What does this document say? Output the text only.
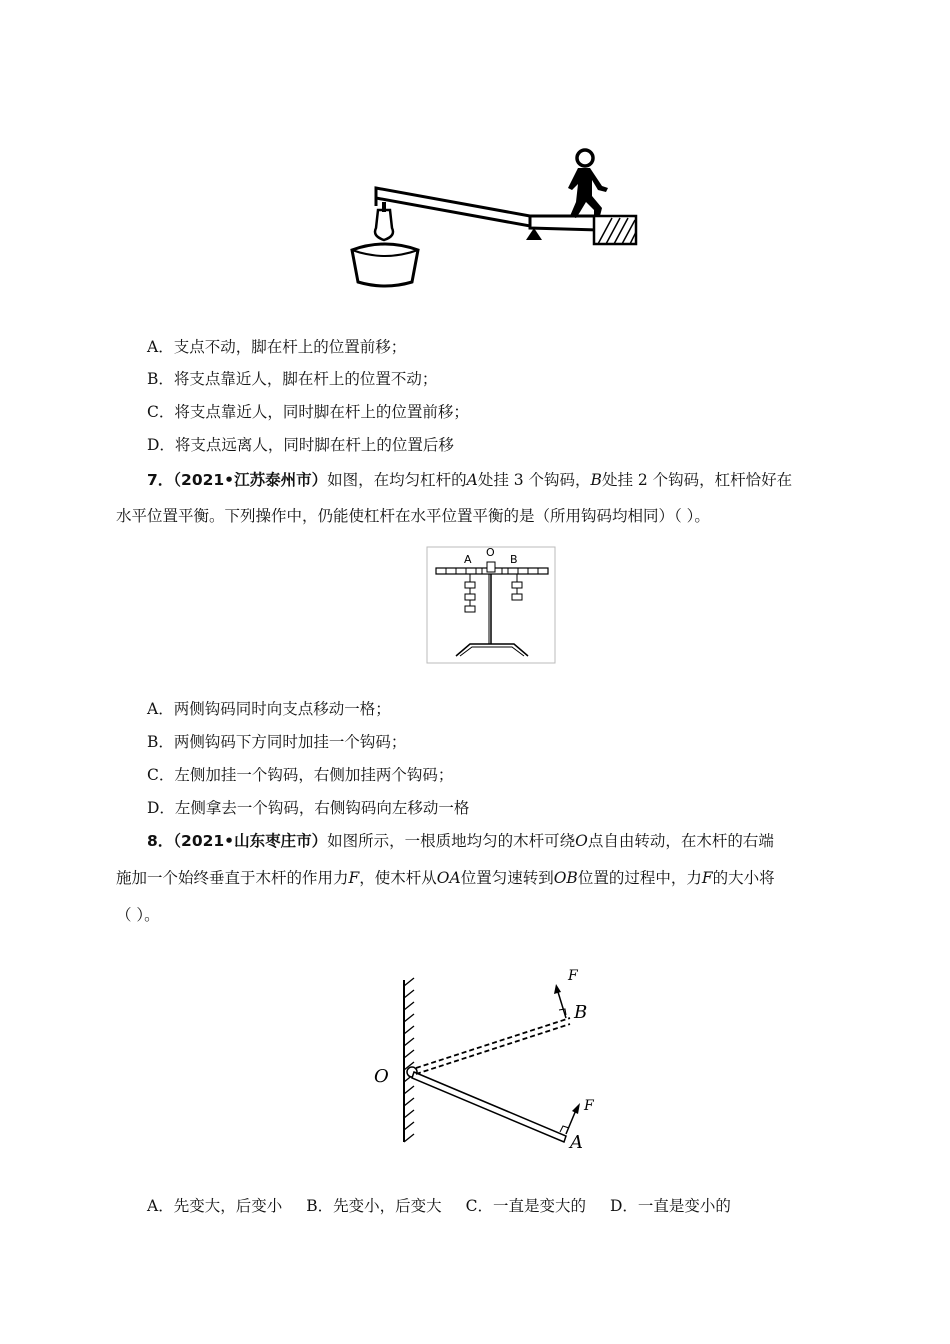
A．支点不动，脚在杆上的位置前移；
B．将支点靠近人，脚在杆上的位置不动；
C．将支点靠近人，同时脚在杆上的位置前移；
D．将支点远离人，同时脚在杆上的位置后移
7．（2021•江苏泰州市）如图，在均匀杠杆的A处挂 3 个钩码，B处挂 2 个钩码，杠杆恰好在
水平位置平衡。下列操作中，仍能使杠杆在水平位置平衡的是（所用钩码均相同）（ ）。
A
O
B
A．两侧钩码同时向支点移动一格；
B．两侧钩码下方同时加挂一个钩码；
C．左侧加挂一个钩码，右侧加挂两个钩码；
D．左侧拿去一个钩码，右侧钩码向左移动一格
8．（2021•山东枣庄市）如图所示，一根质地均匀的木杆可绕O点自由转动，在木杆的右端
施加一个始终垂直于木杆的作用力F，使木杆从OA位置匀速转到OB位置的过程中，力F的大小将
（ ）。
O
A
B
F
F
A．先变大，后变小 B．先变小，后变大 C．一直是变大的 D．一直是变小的
